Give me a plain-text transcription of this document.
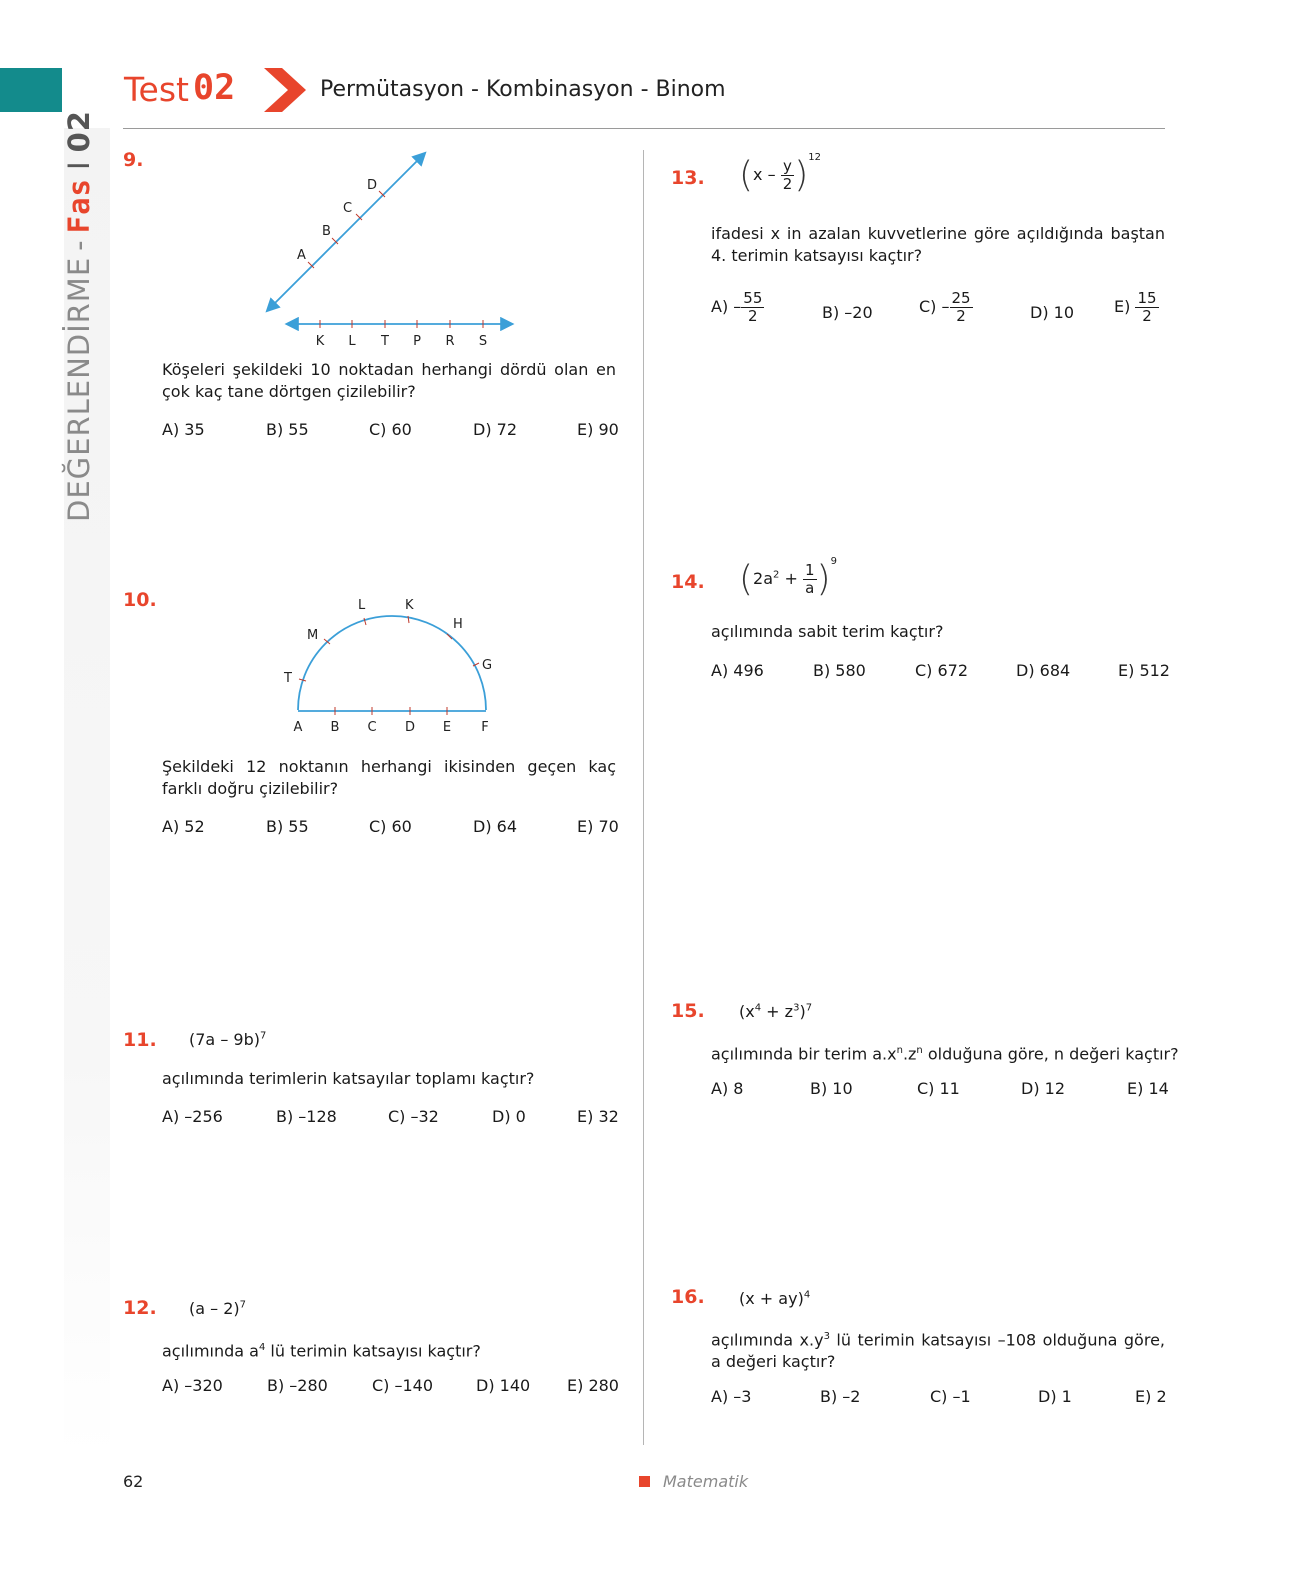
DEĞERLENDİRME
-
Fas
I
02
Test 02	Permütasyon - Kombinasyon - Binom
9.
A
B
C
D
K L T P R S
Köşeleri şekildeki 10 noktadan herhangi dördü olan en çok kaç tane dörtgen çizilebilir?
A) 35	B) 55	C) 60	D) 72	E) 90
10.
T
M
L	K
H
G
A B C D E F
Şekildeki 12 noktanın herhangi ikisinden geçen kaç farklı doğru çizilebilir?
A) 52	B) 55	C) 60	D) 64	E) 70
11. (7a – 9b)$^7$
açılımında terimlerin katsayılar toplamı kaçtır?
A) –256	B) –128	C) –32	D) 0	E) 32
12. (a – 2)$^7$
açılımında $a^4$ lü terimin katsayısı kaçtır?
A) –320	B) –280	C) –140	D) 140 E) 280
13. $(x - \frac{y}{2} )^{12}$
ifadesi x in azalan kuvvetlerine göre açıldığında baştan 4. terimin katsayısı kaçtır?
$A) - \frac{55}{2}$	B) –20	$C) - \frac{25}{2}$	D) 10 $E) \frac{15}{2}$
14. $(2a^2 + \frac{1}{a} )^9$
açılımında sabit terim kaçtır?
A) 496	B) 580	C) 672	D) 684	E) 512
15. $(x^4 + z^3)^7$
açılımında bir terim $a.x^n.z^n$ olduğuna göre, n değeri kaçtır?
A) 8	B) 10	C) 11	D) 12	E) 14
16. (x + ay)$^4$
açılımında $x.y^3$ lü terimin katsayısı –108 olduğuna göre, a değeri kaçtır?
A) –3	B) –2	C) –1	D) 1	E) 2
62	Matematik
